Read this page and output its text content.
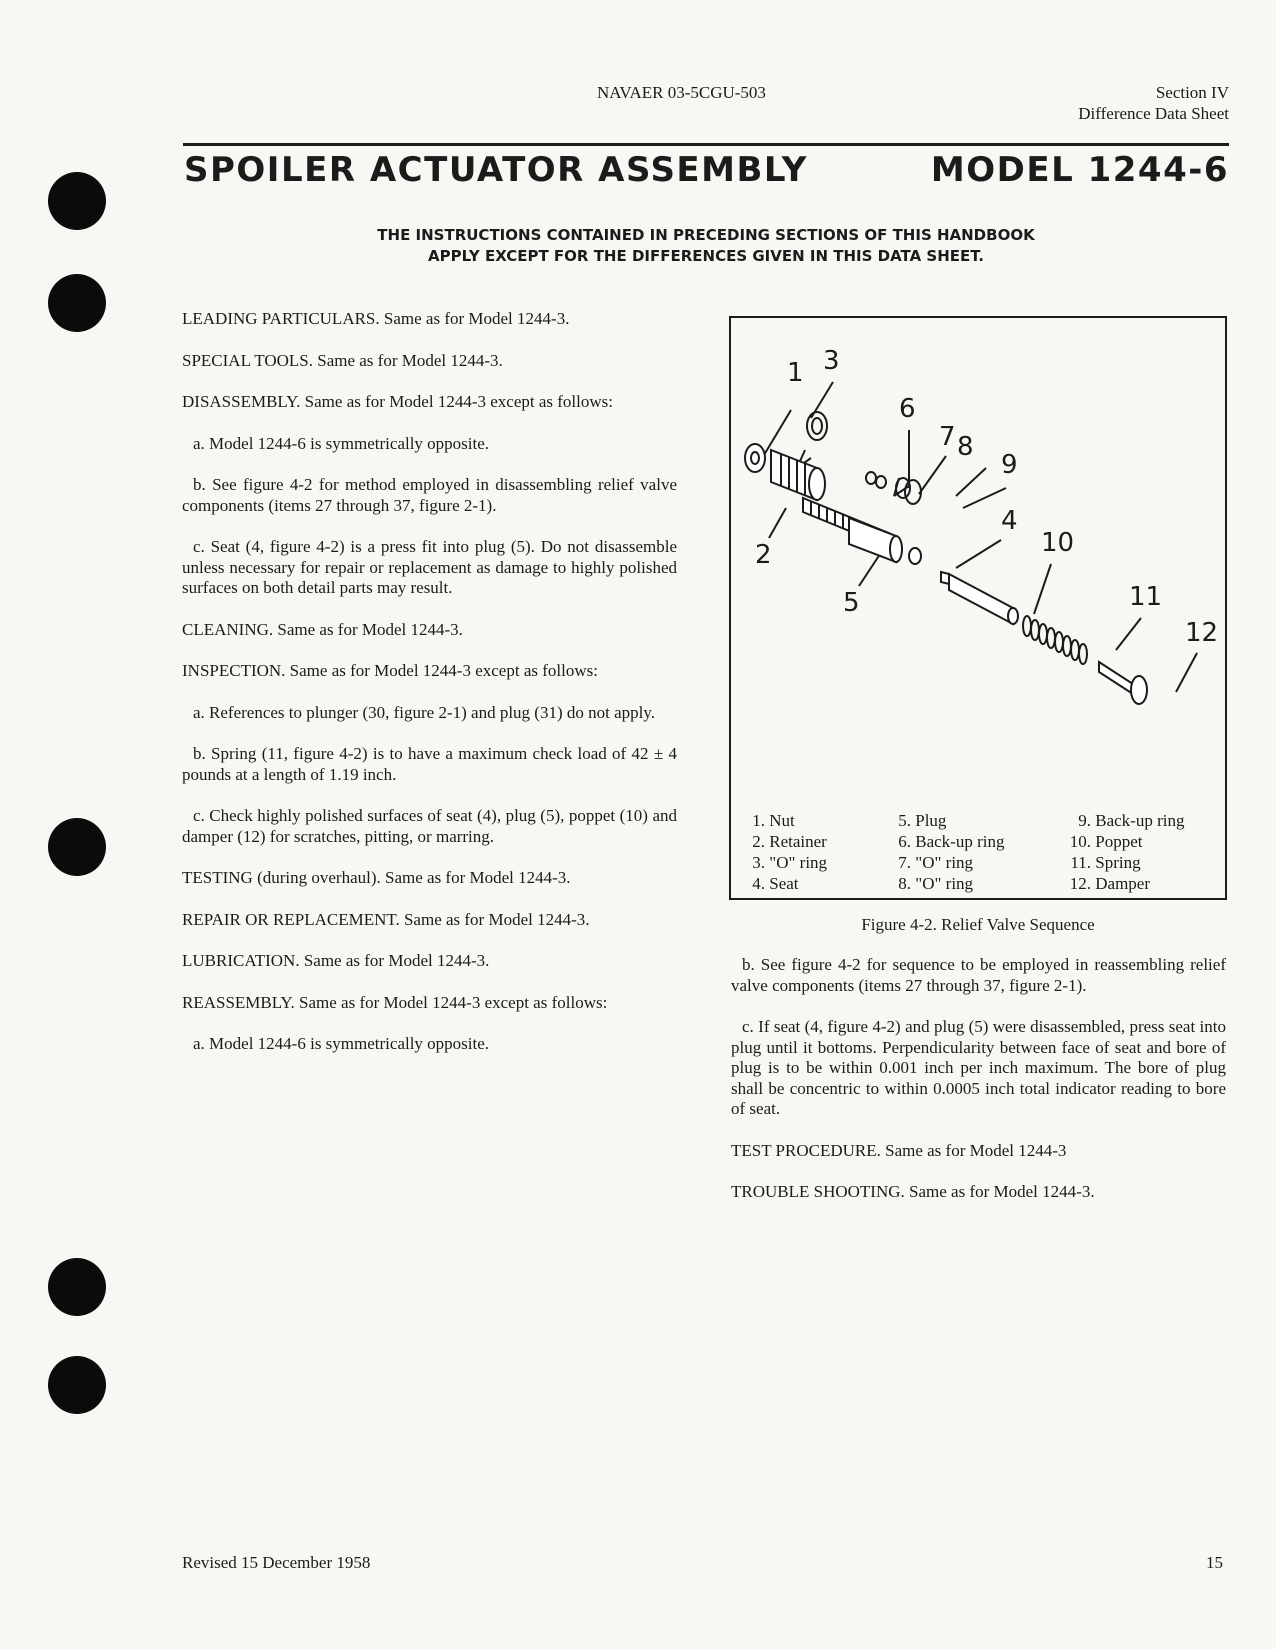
NAVAER 03-5CGU-503	Section IV
Difference Data Sheet
SPOILER ACTUATOR ASSEMBLY	MODEL 1244-6
THE INSTRUCTIONS CONTAINED IN PRECEDING SECTIONS OF THIS HANDBOOK
APPLY EXCEPT FOR THE DIFFERENCES GIVEN IN THIS DATA SHEET.

LEADING PARTICULARS. Same as for Model 1244-3.

SPECIAL TOOLS. Same as for Model 1244-3.

DISASSEMBLY. Same as for Model 1244-3 except as follows:

a. Model 1244-6 is symmetrically opposite.

b. See figure 4-2 for method employed in disassembling relief valve components (items 27 through 37, figure 2-1).

c. Seat (4, figure 4-2) is a press fit into plug (5). Do not disassemble unless necessary for repair or replacement as damage to highly polished surfaces on both detail parts may result.

CLEANING. Same as for Model 1244-3.

INSPECTION. Same as for Model 1244-3 except as follows:

a. References to plunger (30, figure 2-1) and plug (31) do not apply.

b. Spring (11, figure 4-2) is to have a maximum check load of 42 ± 4 pounds at a length of 1.19 inch.

c. Check highly polished surfaces of seat (4), plug (5), poppet (10) and damper (12) for scratches, pitting, or marring.

TESTING (during overhaul). Same as for Model 1244-3.

REPAIR OR REPLACEMENT. Same as for Model 1244-3.

LUBRICATION. Same as for Model 1244-3.

REASSEMBLY. Same as for Model 1244-3 except as follows:

a. Model 1244-6 is symmetrically opposite.

1 3
6
7 8
9
4
10
11
12
2
5
1. Nut
2. Retainer
3. "O" ring
4. Seat
5. Plug
6. Back-up ring
7. "O" ring
8. "O" ring
9. Back-up ring
10. Poppet
11. Spring
12. Damper
Figure 4-2. Relief Valve Sequence

b. See figure 4-2 for sequence to be employed in reassembling relief valve components (items 27 through 37, figure 2-1).

c. If seat (4, figure 4-2) and plug (5) were disassembled, press seat into plug until it bottoms. Perpendicularity between face of seat and bore of plug is to be within 0.001 inch per inch maximum. The bore of plug shall be concentric to within 0.0005 inch total indicator reading to bore of seat.

TEST PROCEDURE. Same as for Model 1244-3

TROUBLE SHOOTING. Same as for Model 1244-3.

Revised 15 December 1958	15
